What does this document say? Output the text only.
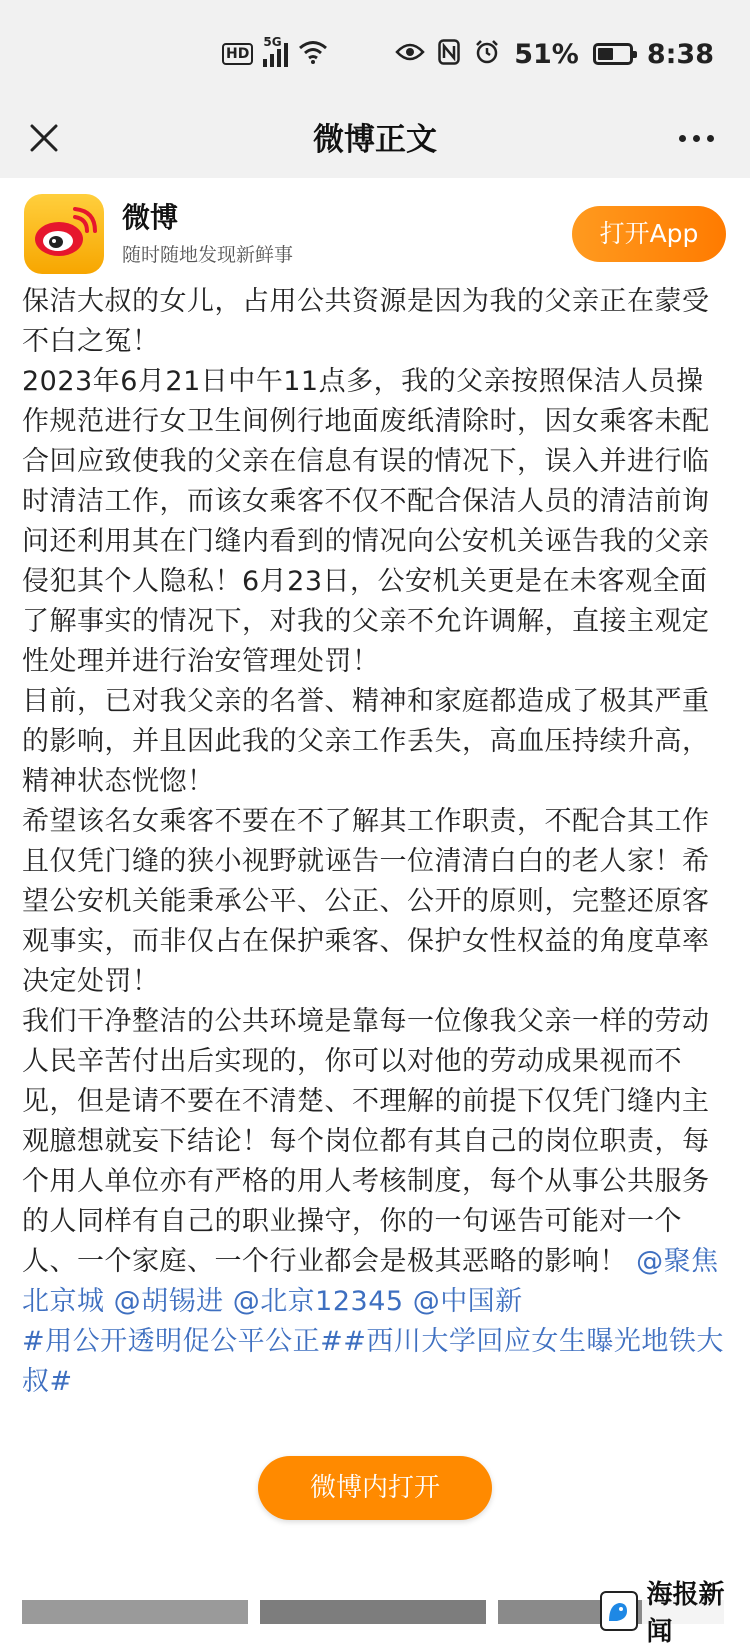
HD
5G	51%	8:38
微博正文
微博
随时随地发现新鲜事
打开App

保洁大叔的女儿，占用公共资源是因为我的父亲正在蒙受不白之冤！

2023年6月21日中午11点多，我的父亲按照保洁人员操作规范进行女卫生间例行地面废纸清除时，因女乘客未配合回应致使我的父亲在信息有误的情况下，误入并进行临时清洁工作，而该女乘客不仅不配合保洁人员的清洁前询问还利用其在门缝内看到的情况向公安机关诬告我的父亲侵犯其个人隐私！6月23日，公安机关更是在未客观全面了解事实的情况下，对我的父亲不允许调解，直接主观定性处理并进行治安管理处罚！

目前，已对我父亲的名誉、精神和家庭都造成了极其严重的影响，并且因此我的父亲工作丢失，高血压持续升高，精神状态恍惚！

希望该名女乘客不要在不了解其工作职责，不配合其工作且仅凭门缝的狭小视野就诬告一位清清白白的老人家！希望公安机关能秉承公平、公正、公开的原则，完整还原客观事实，而非仅占在保护乘客、保护女性权益的角度草率决定处罚！

我们干净整洁的公共环境是靠每一位像我父亲一样的劳动人民辛苦付出后实现的，你可以对他的劳动成果视而不见，但是请不要在不清楚、不理解的前提下仅凭门缝内主观臆想就妄下结论！每个岗位都有其自己的岗位职责，每个用人单位亦有严格的用人考核制度，每个从事公共服务的人同样有自己的职业操守，你的一句诬告可能对一个人、一个家庭、一个行业都会是极其恶略的影响！ @聚焦北京城 @胡锡进 @北京12345 @中国新

#用公开透明促公平公正##西川大学回应女生曝光地铁大叔#

微博内打开
海报新闻
